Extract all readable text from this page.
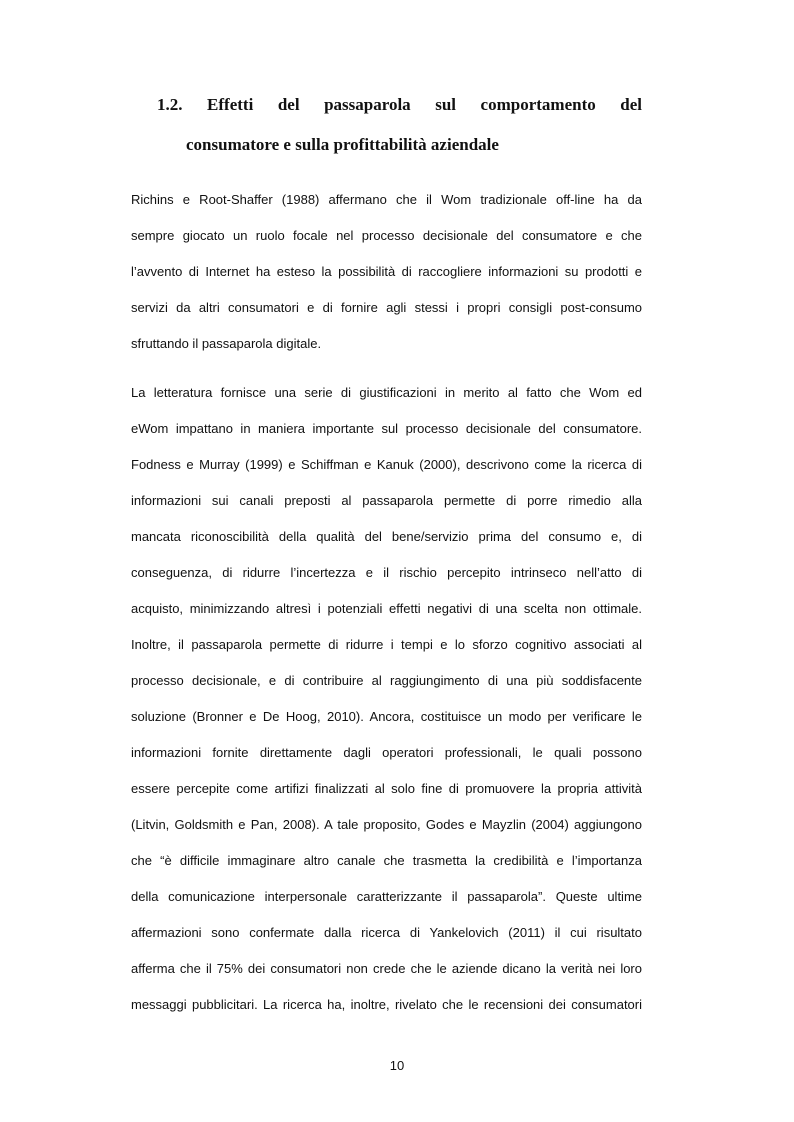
1.2. Effetti del passaparola sul comportamento del
consumatore e sulla profittabilità aziendale

Richins e Root-Shaffer (1988) affermano che il Wom tradizionale off-line ha da

sempre giocato un ruolo focale nel processo decisionale del consumatore e che

l’avvento di Internet ha esteso la possibilità di raccogliere informazioni su prodotti e

servizi da altri consumatori e di fornire agli stessi i propri consigli post-consumo

sfruttando il passaparola digitale.

La letteratura fornisce una serie di giustificazioni in merito al fatto che Wom ed

eWom impattano in maniera importante sul processo decisionale del consumatore.

Fodness e Murray (1999) e Schiffman e Kanuk (2000), descrivono come la ricerca di

informazioni sui canali preposti al passaparola permette di porre rimedio alla

mancata riconoscibilità della qualità del bene/servizio prima del consumo e, di

conseguenza, di ridurre l’incertezza e il rischio percepito intrinseco nell’atto di

acquisto, minimizzando altresì i potenziali effetti negativi di una scelta non ottimale.

Inoltre, il passaparola permette di ridurre i tempi e lo sforzo cognitivo associati al

processo decisionale, e di contribuire al raggiungimento di una più soddisfacente

soluzione (Bronner e De Hoog, 2010). Ancora, costituisce un modo per verificare le

informazioni fornite direttamente dagli operatori professionali, le quali possono

essere percepite come artifizi finalizzati al solo fine di promuovere la propria attività

(Litvin, Goldsmith e Pan, 2008). A tale proposito, Godes e Mayzlin (2004) aggiungono

che “è difficile immaginare altro canale che trasmetta la credibilità e l’importanza

della comunicazione interpersonale caratterizzante il passaparola”. Queste ultime

affermazioni sono confermate dalla ricerca di Yankelovich (2011) il cui risultato

afferma che il 75% dei consumatori non crede che le aziende dicano la verità nei loro

messaggi pubblicitari. La ricerca ha, inoltre, rivelato che le recensioni dei consumatori

10
